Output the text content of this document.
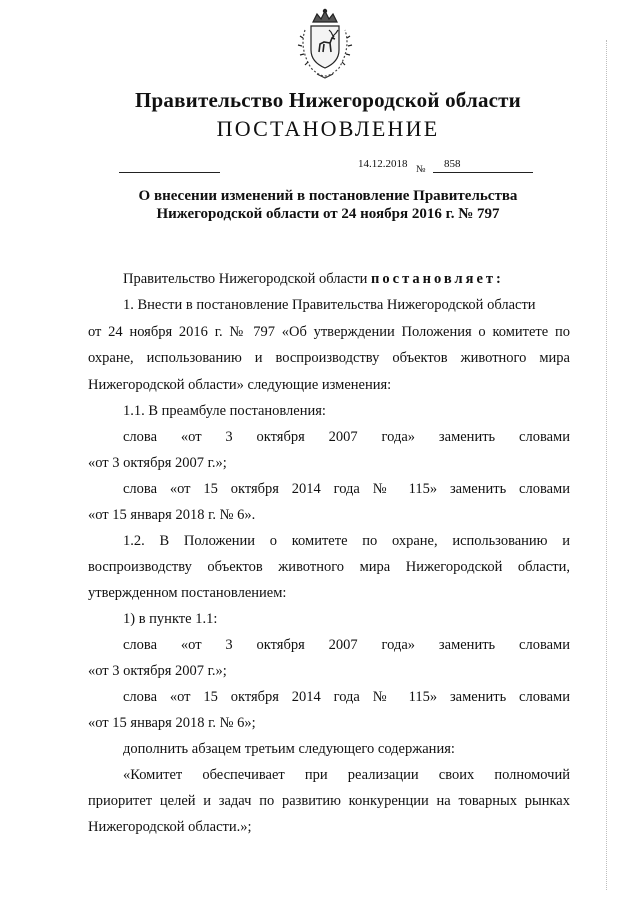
Правительство Нижегородской области
ПОСТАНОВЛЕНИЕ
14.12.2018 № 858
О внесении изменений в постановление Правительства
Нижегородской области от 24 ноября 2016 г. № 797
Правительство Нижегородской области постановляет:
1. Внести в постановление Правительства Нижегородской области
от 24 ноября 2016 г. № 797 «Об утверждении Положения о комитете по
охране, использованию и воспроизводству объектов животного мира
Нижегородской области» следующие изменения:
1.1. В преамбуле постановления:
слова «от 3 октября 2007 года» заменить словами
«от 3 октября 2007 г.»;
слова «от 15 октября 2014 года № 115» заменить словами
«от 15 января 2018 г. № 6».
1.2. В Положении о комитете по охране, использованию и
воспроизводству объектов животного мира Нижегородской области,
утвержденном постановлением:
1) в пункте 1.1:
слова «от 3 октября 2007 года» заменить словами
«от 3 октября 2007 г.»;
слова «от 15 октября 2014 года № 115» заменить словами
«от 15 января 2018 г. № 6»;
дополнить абзацем третьим следующего содержания:
«Комитет обеспечивает при реализации своих полномочий
приоритет целей и задач по развитию конкуренции на товарных рынках
Нижегородской области.»;
